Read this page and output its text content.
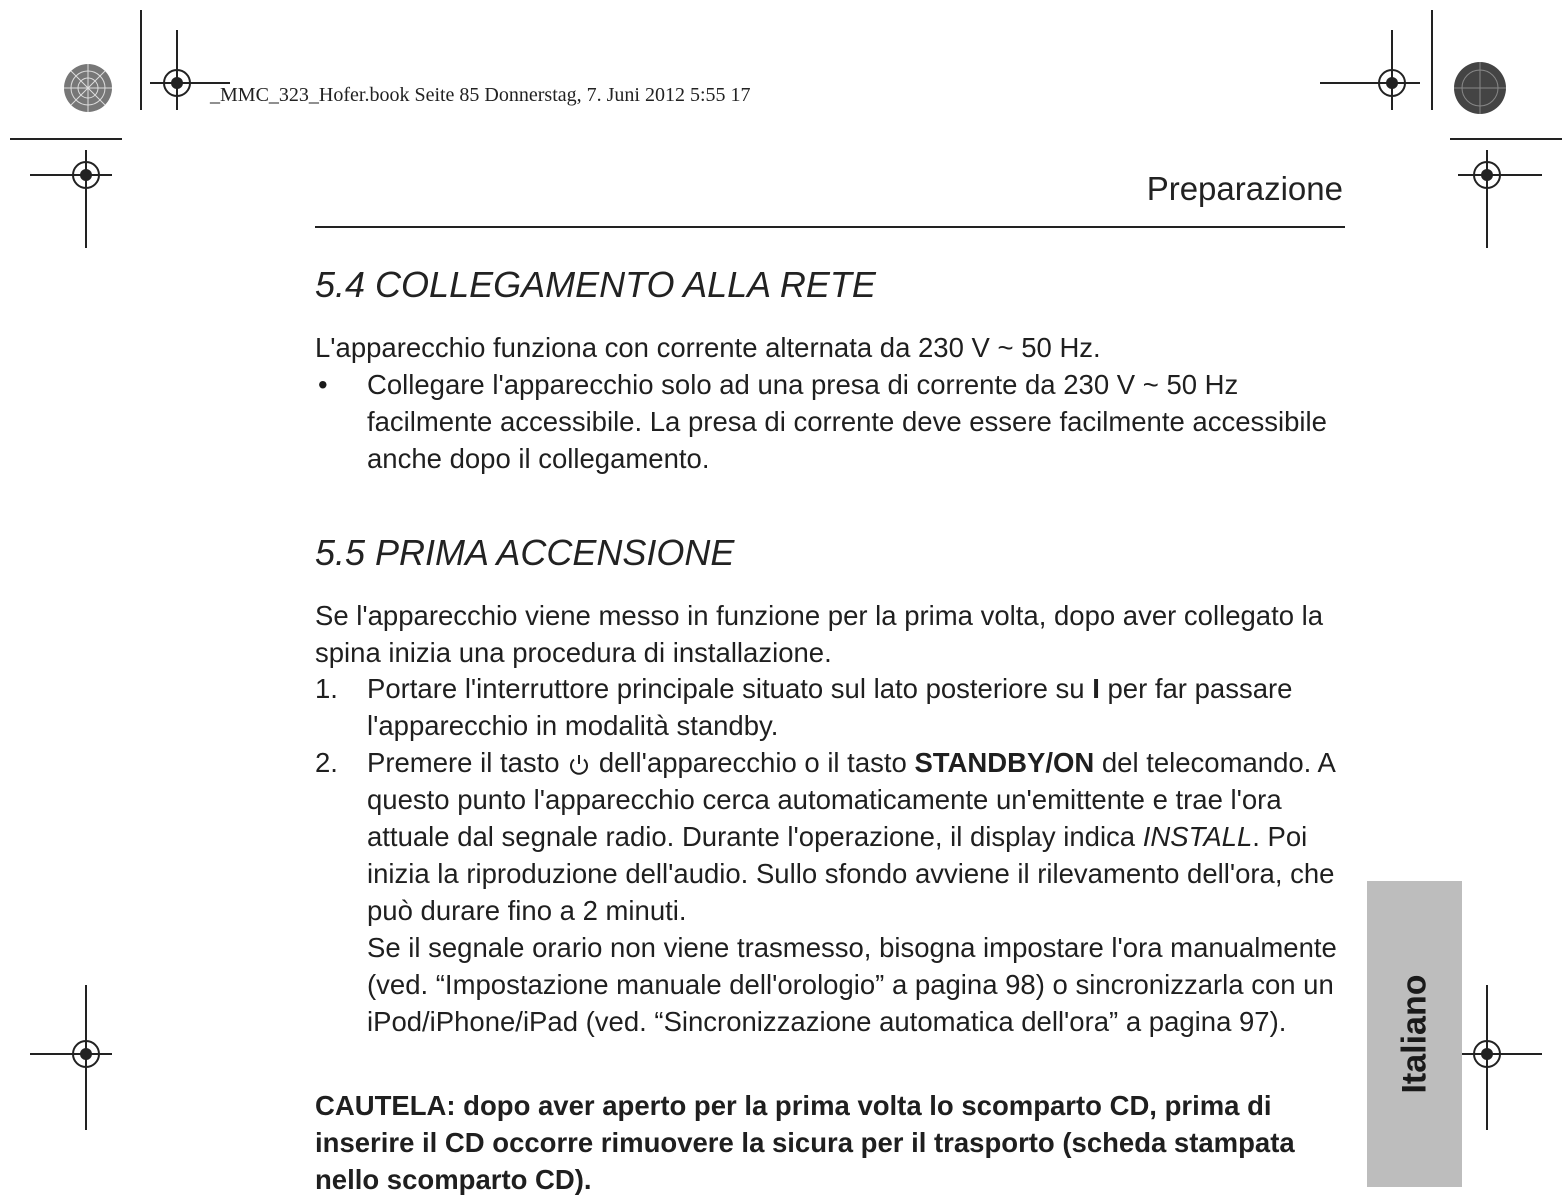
_MMC_323_Hofer.book Seite 85 Donnerstag, 7. Juni 2012 5:55 17
Preparazione
5.4 COLLEGAMENTO ALLA RETE
L'apparecchio funziona con corrente alternata da 230 V ~ 50 Hz.
• Collegare l'apparecchio solo ad una presa di corrente da 230 V ~ 50 Hz facilmente accessibile. La presa di corrente deve essere facilmente accessibile anche dopo il collegamento.
5.5 PRIMA ACCENSIONE
Se l'apparecchio viene messo in funzione per la prima volta, dopo aver collegato la spina inizia una procedura di installazione.
1. Portare l'interruttore principale situato sul lato posteriore su I per far passare l'apparecchio in modalità standby.

2. Premere il tasto  dell'apparecchio o il tasto STANDBY/ON del telecomando. A questo punto l'apparecchio cerca automaticamente un'emittente e trae l'ora attuale dal segnale radio. Durante l'operazione, il display indica INSTALL. Poi inizia la riproduzione dell'audio. Sullo sfondo avviene il rilevamento dell'ora, che può durare fino a 2 minuti.

Se il segnale orario non viene trasmesso, bisogna impostare l'ora manualmente (ved. “Impostazione manuale dell'orologio” a pagina 98) o sincronizzarla con un iPod/iPhone/iPad (ved. “Sincronizzazione automatica dell'ora” a pagina 97).

CAUTELA: dopo aver aperto per la prima volta lo scomparto CD, prima di inserire il CD occorre rimuovere la sicura per il trasporto (scheda stampata nello scomparto CD).
Italiano
